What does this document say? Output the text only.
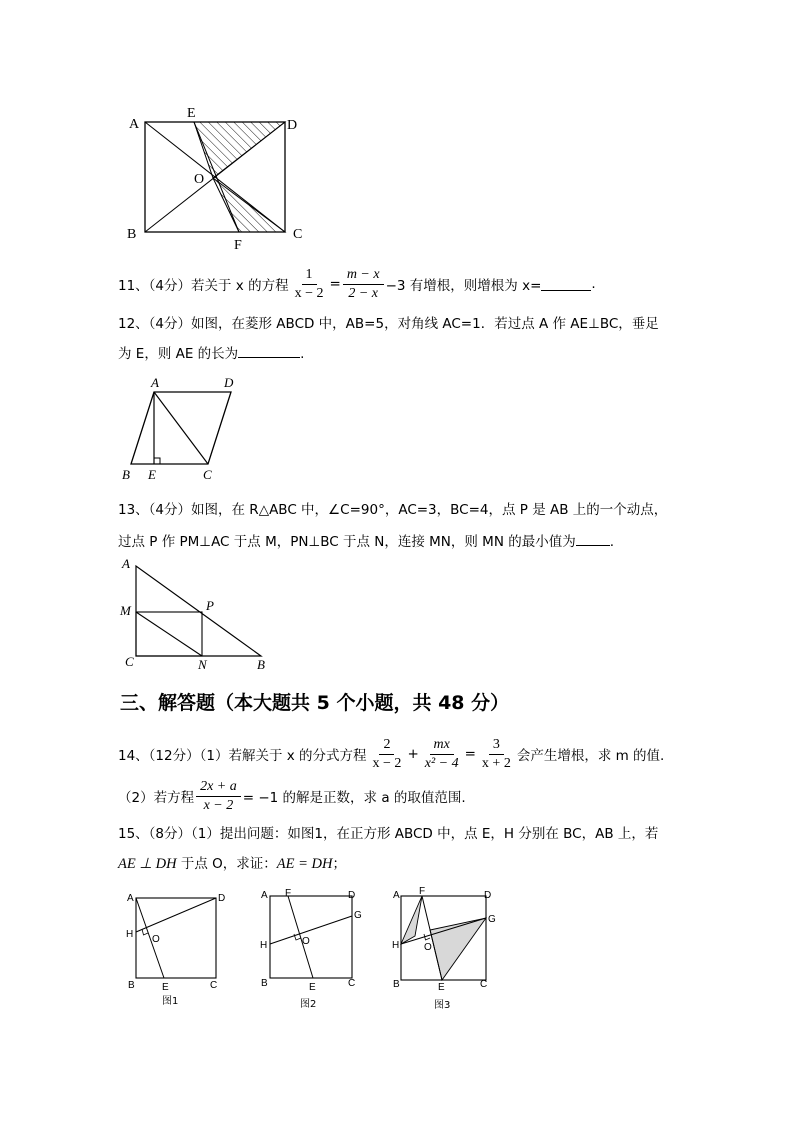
A
E
D
O
B
F
C
11、（4分）若关于 x 的方程 $\frac{1}{x - 2} = \frac{m - x}{2 - x} -3$ 有增根，则增根为 x=	.
12、（4分）如图，在菱形 ABCD 中，AB=5，对角线 AC=1．若过点 A 作 AE⊥BC，垂足
为 E，则 AE 的长为	.
A	D
B E	C
13、（4分）如图，在 R△ABC 中，∠C=90°，AC=3，BC=4，点 P 是 AB 上的一个动点，
过点 P 作 PM⊥AC 于点 M，PN⊥BC 于点 N，连接 MN，则 MN 的最小值为	.
A
M	P
C	N	B
三、解答题（本大题共 5 个小题，共 48 分）
14、（12分）（1）若解关于 x 的分式方程 $\frac{2}{x - 2} + \frac{mx}{\text{x² − 4}} = \frac{3}{x + 2}$ 会产生增根，求 m 的值.
（2）若方程 $\frac{2x + a}{x - 2} = -1$ 的解是正数，求 a 的取值范围.
15、（8分）（1）提出问题：如图1，在正方形 ABCD 中，点 E，H 分别在 BC，AB 上，若
AE ⊥ DH 于点 O，求证：AE = DH；
A	D
H O
B	E	C
图1
A F	D
G
H	O
B	E	C
图2
A F	D
G
H O
B	E	C
图3
